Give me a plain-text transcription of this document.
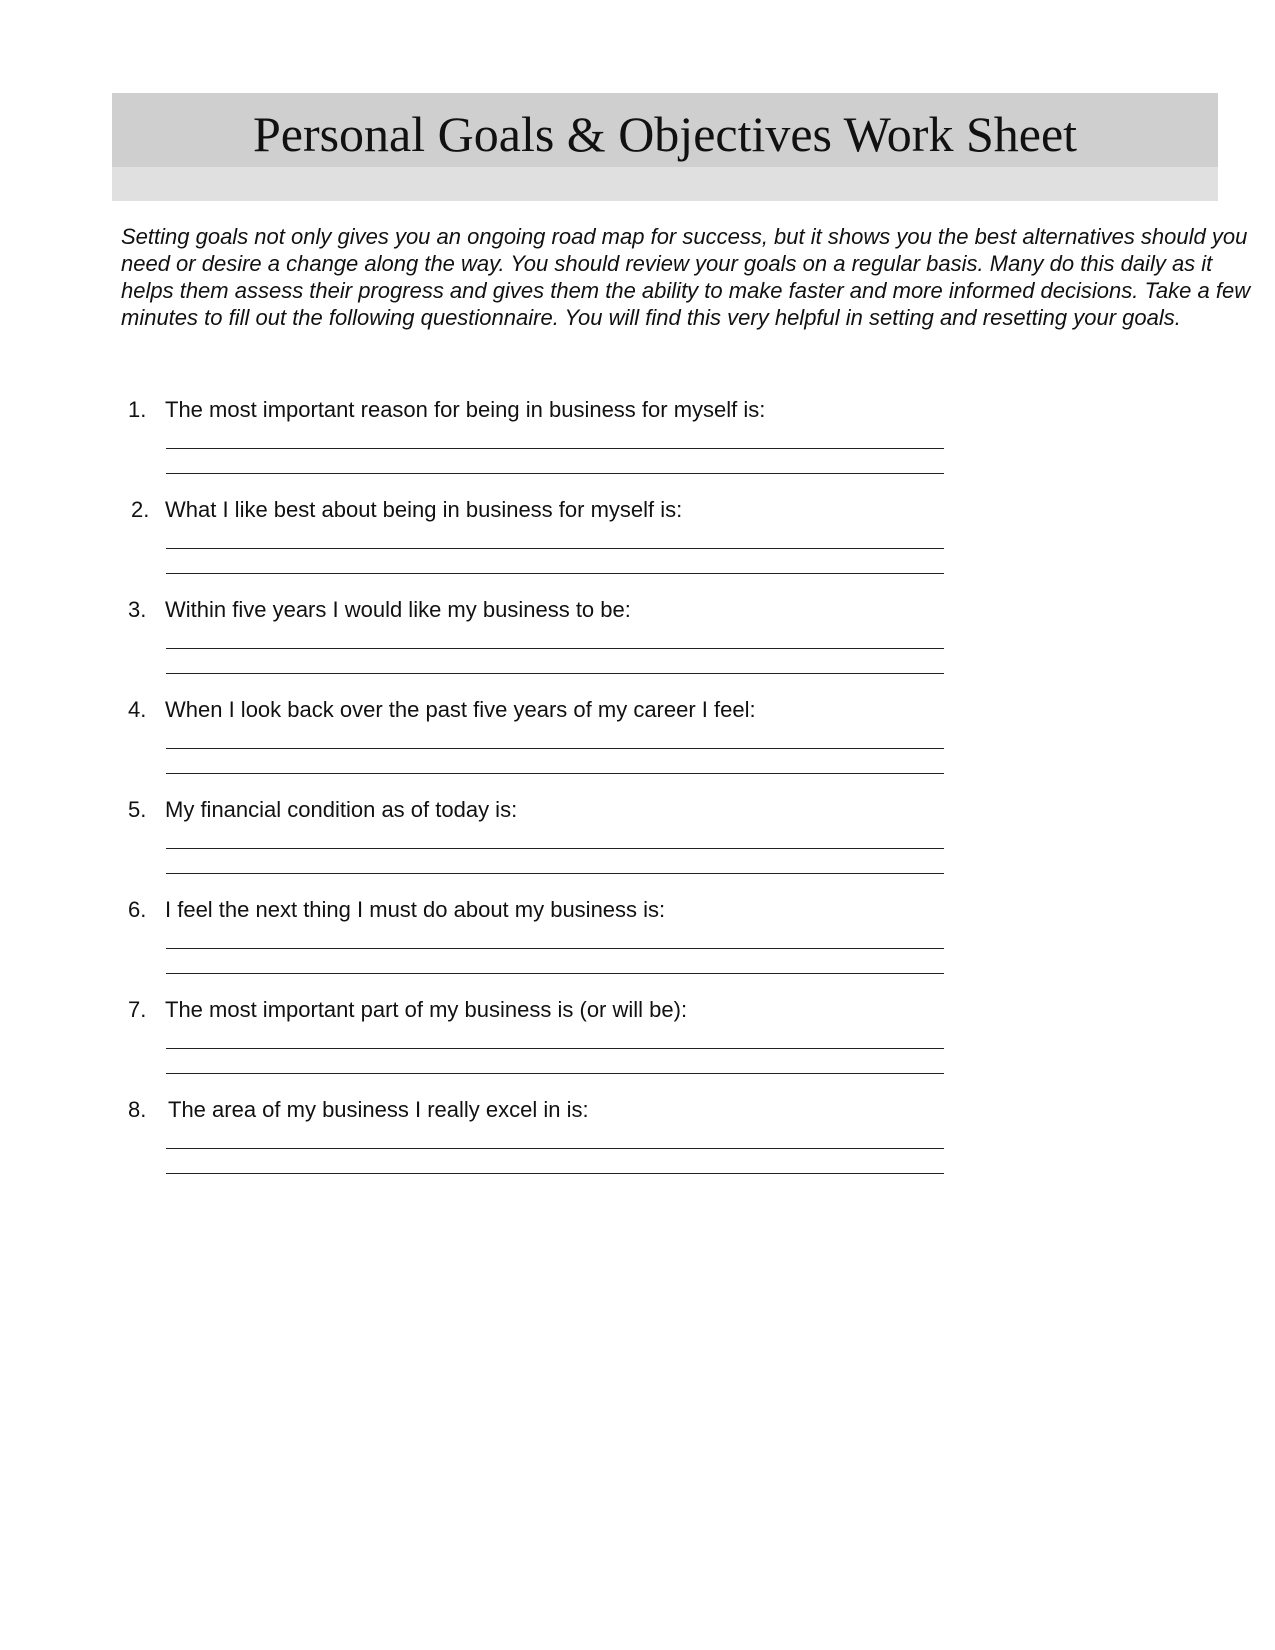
Personal Goals & Objectives Work Sheet

Setting goals not only gives you an ongoing road map for success, but it shows you the best alternatives should you need or desire a change along the way. You should review your goals on a regular basis. Many do this daily as it helps them assess their progress and gives them the ability to make faster and more informed decisions. Take a few minutes to fill out the following questionnaire. You will find this very helpful in setting and resetting your goals.

1. The most important reason for being in business for myself is:
2. What I like best about being in business for myself is:
3. Within five years I would like my business to be:
4. When I look back over the past five years of my career I feel:
5. My financial condition as of today is:
6. I feel the next thing I must do about my business is:
7. The most important part of my business is (or will be):
8. The area of my business I really excel in is:
